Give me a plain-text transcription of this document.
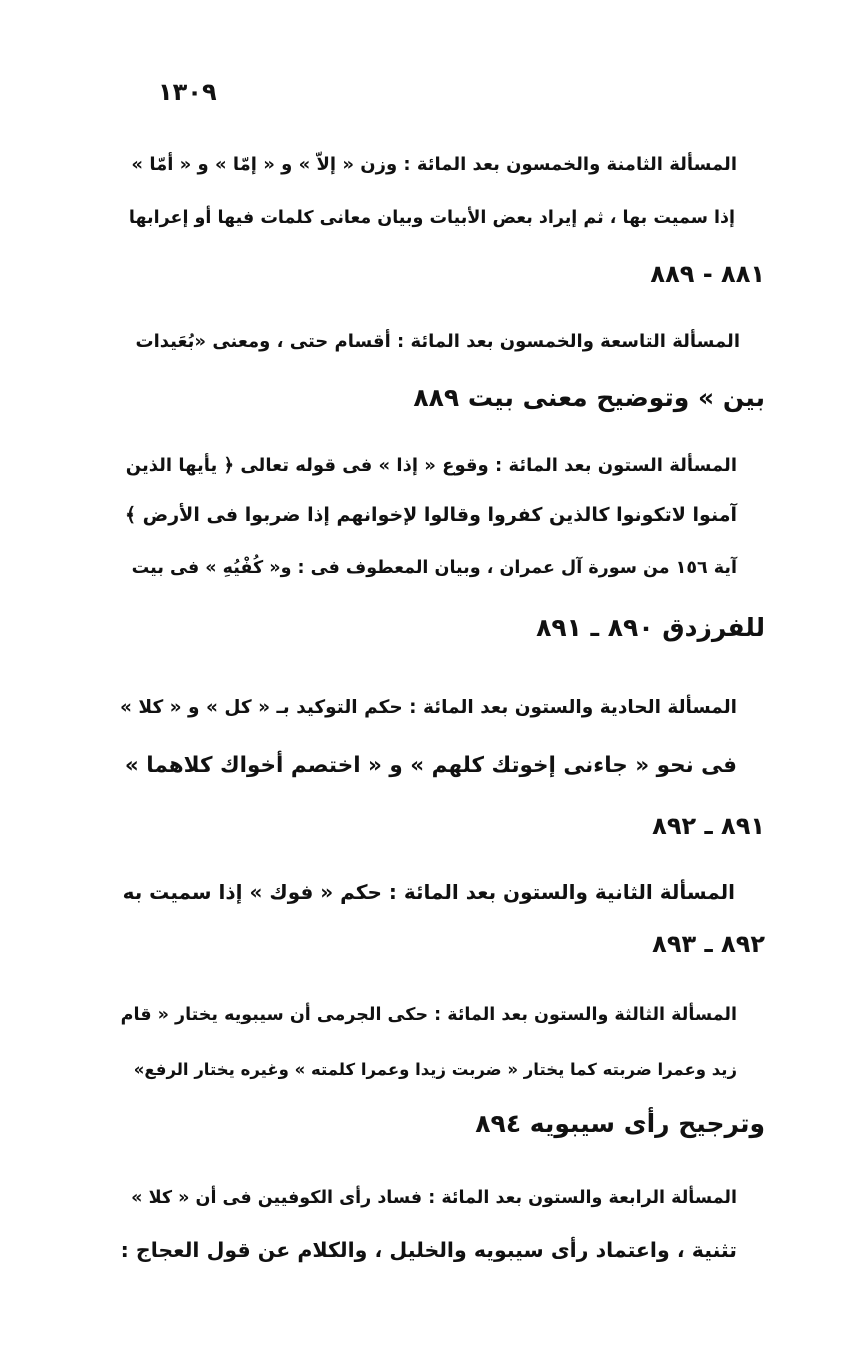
١٣٠٩
المسألة الثامنة والخمسون بعد المائة : وزن « إلاّ » و « إمّا » و « أمّا »
إذا سميت بها ، ثم إيراد بعض الأبيات وبيان معانى كلمات فيها أو إعرابها
٨٨١ - ٨٨٩
المسألة التاسعة والخمسون بعد المائة : أقسام حتى ، ومعنى «بُعَيدات
بين » وتوضيح معنى بيت ٨٨٩
المسألة الستون بعد المائة : وقوع « إذا » فى قوله تعالى ﴿ يأيها الذين
آمنوا لاتكونوا كالذين كفروا وقالوا لإخوانهم إذا ضربوا فى الأرض ﴾
آية ١٥٦ من سورة آل عمران ، وبيان المعطوف فى : و« كُفْيُهِ » فى بيت
للفرزدق ٨٩٠ ـ ٨٩١
المسألة الحادية والستون بعد المائة : حكم التوكيد بـ « كل » و « كلا »
فى نحو « جاءنى إخوتك كلهم » و « اختصم أخواك كلاهما »
٨٩١ ـ ٨٩٢
المسألة الثانية والستون بعد المائة : حكم « فوك » إذا سميت به
٨٩٢ ـ ٨٩٣
المسألة الثالثة والستون بعد المائة : حكى الجرمى أن سيبويه يختار « قام
زيد وعمرا ضربته كما يختار « ضربت زيدا وعمرا كلمته » وغيره يختار الرفع»
وترجيح رأى سيبويه ٨٩٤
المسألة الرابعة والستون بعد المائة : فساد رأى الكوفيين فى أن « كلا »
تثنية ، واعتماد رأى سيبويه والخليل ، والكلام عن قول العجاج :
